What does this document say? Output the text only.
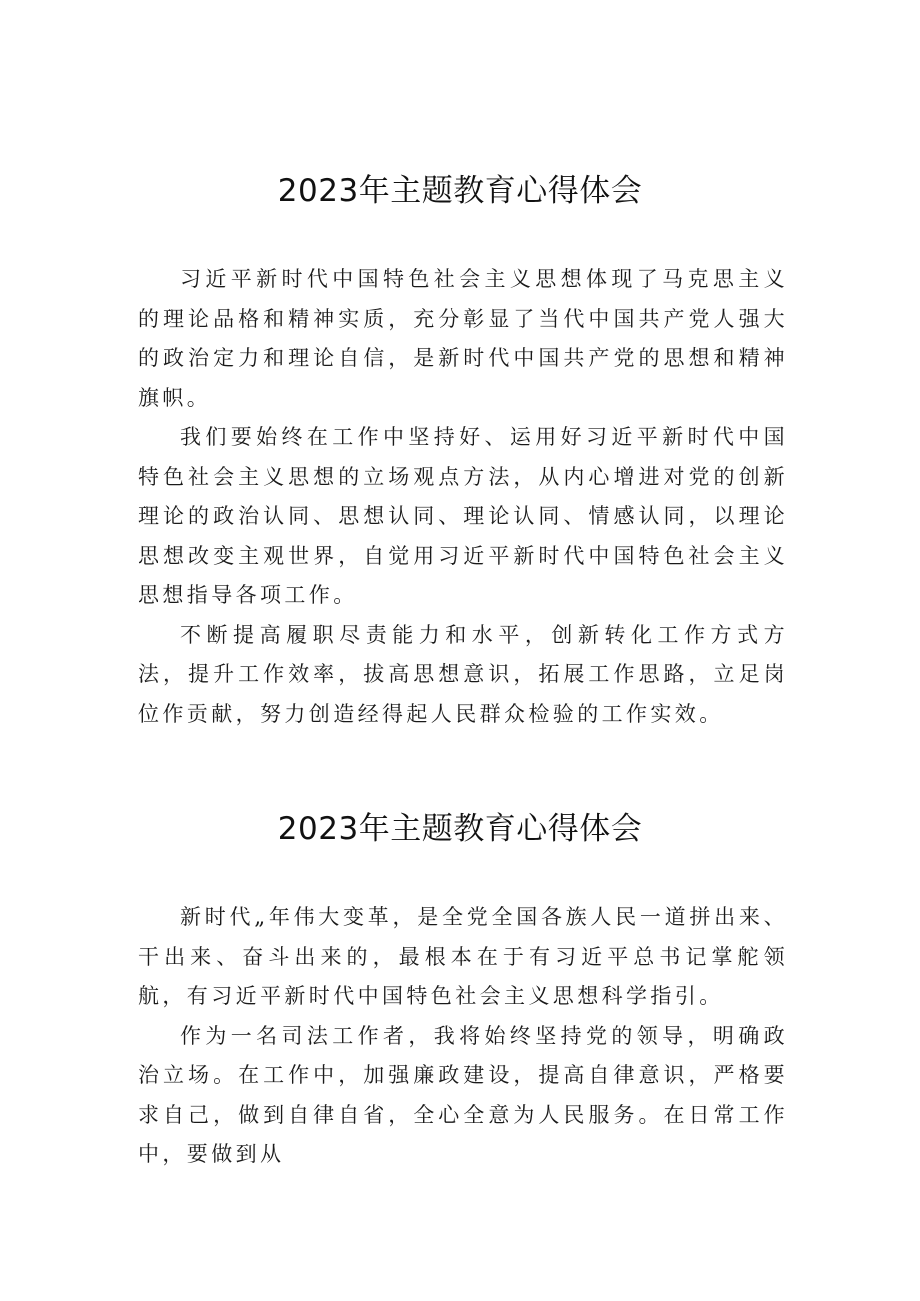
2023年主题教育心得体会

习近平新时代中国特色社会主义思想体现了马克思主义的理论品格和精神实质，充分彰显了当代中国共产党人强大的政治定力和理论自信，是新时代中国共产党的思想和精神旗帜。

我们要始终在工作中坚持好、运用好习近平新时代中国特色社会主义思想的立场观点方法，从内心增进对党的创新理论的政治认同、思想认同、理论认同、情感认同，以理论思想改变主观世界，自觉用习近平新时代中国特色社会主义思想指导各项工作。

不断提高履职尽责能力和水平，创新转化工作方式方法，提升工作效率，拔高思想意识，拓展工作思路，立足岗位作贡献，努力创造经得起人民群众检验的工作实效。

2023年主题教育心得体会

新时代„年伟大变革，是全党全国各族人民一道拼出来、干出来、奋斗出来的，最根本在于有习近平总书记掌舵领航，有习近平新时代中国特色社会主义思想科学指引。

作为一名司法工作者，我将始终坚持党的领导，明确政治立场。在工作中，加强廉政建设，提高自律意识，严格要求自己，做到自律自省，全心全意为人民服务。在日常工作中，要做到从
